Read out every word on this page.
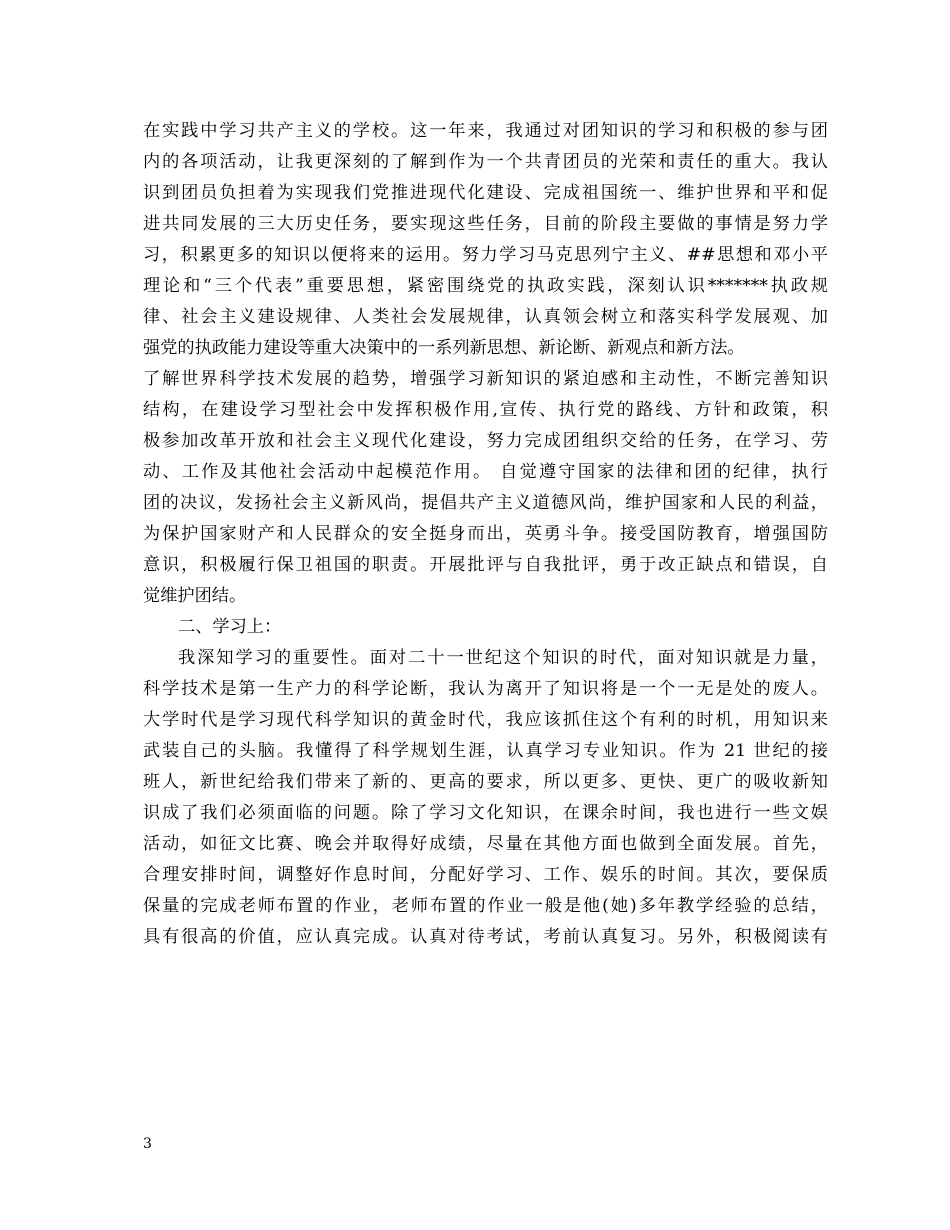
在实践中学习共产主义的学校。这一年来，我通过对团知识的学习和积极的参与团
内的各项活动，让我更深刻的了解到作为一个共青团员的光荣和责任的重大。我认
识到团员负担着为实现我们党推进现代化建设、完成祖国统一、维护世界和平和促
进共同发展的三大历史任务，要实现这些任务，目前的阶段主要做的事情是努力学
习，积累更多的知识以便将来的运用。努力学习马克思列宁主义、##思想和邓小平
理论和“三个代表”重要思想，紧密围绕党的执政实践，深刻认识*******执政规
律、社会主义建设规律、人类社会发展规律，认真领会树立和落实科学发展观、加
强党的执政能力建设等重大决策中的一系列新思想、新论断、新观点和新方法。
了解世界科学技术发展的趋势，增强学习新知识的紧迫感和主动性，不断完善知识
结构，在建设学习型社会中发挥积极作用,宣传、执行党的路线、方针和政策，积
极参加改革开放和社会主义现代化建设，努力完成团组织交给的任务，在学习、劳
动、工作及其他社会活动中起模范作用。 自觉遵守国家的法律和团的纪律，执行
团的决议，发扬社会主义新风尚，提倡共产主义道德风尚，维护国家和人民的利益，
为保护国家财产和人民群众的安全挺身而出，英勇斗争。接受国防教育，增强国防
意识，积极履行保卫祖国的职责。开展批评与自我批评，勇于改正缺点和错误，自
觉维护团结。
二、学习上：
我深知学习的重要性。面对二十一世纪这个知识的时代，面对知识就是力量，
科学技术是第一生产力的科学论断，我认为离开了知识将是一个一无是处的废人。
大学时代是学习现代科学知识的黄金时代，我应该抓住这个有利的时机，用知识来
武装自己的头脑。我懂得了科学规划生涯，认真学习专业知识。作为 21 世纪的接
班人，新世纪给我们带来了新的、更高的要求，所以更多、更快、更广的吸收新知
识成了我们必须面临的问题。除了学习文化知识，在课余时间，我也进行一些文娱
活动，如征文比赛、晚会并取得好成绩，尽量在其他方面也做到全面发展。首先，
合理安排时间，调整好作息时间，分配好学习、工作、娱乐的时间。其次，要保质
保量的完成老师布置的作业，老师布置的作业一般是他(她)多年教学经验的总结，
具有很高的价值，应认真完成。认真对待考试，考前认真复习。另外，积极阅读有
3
